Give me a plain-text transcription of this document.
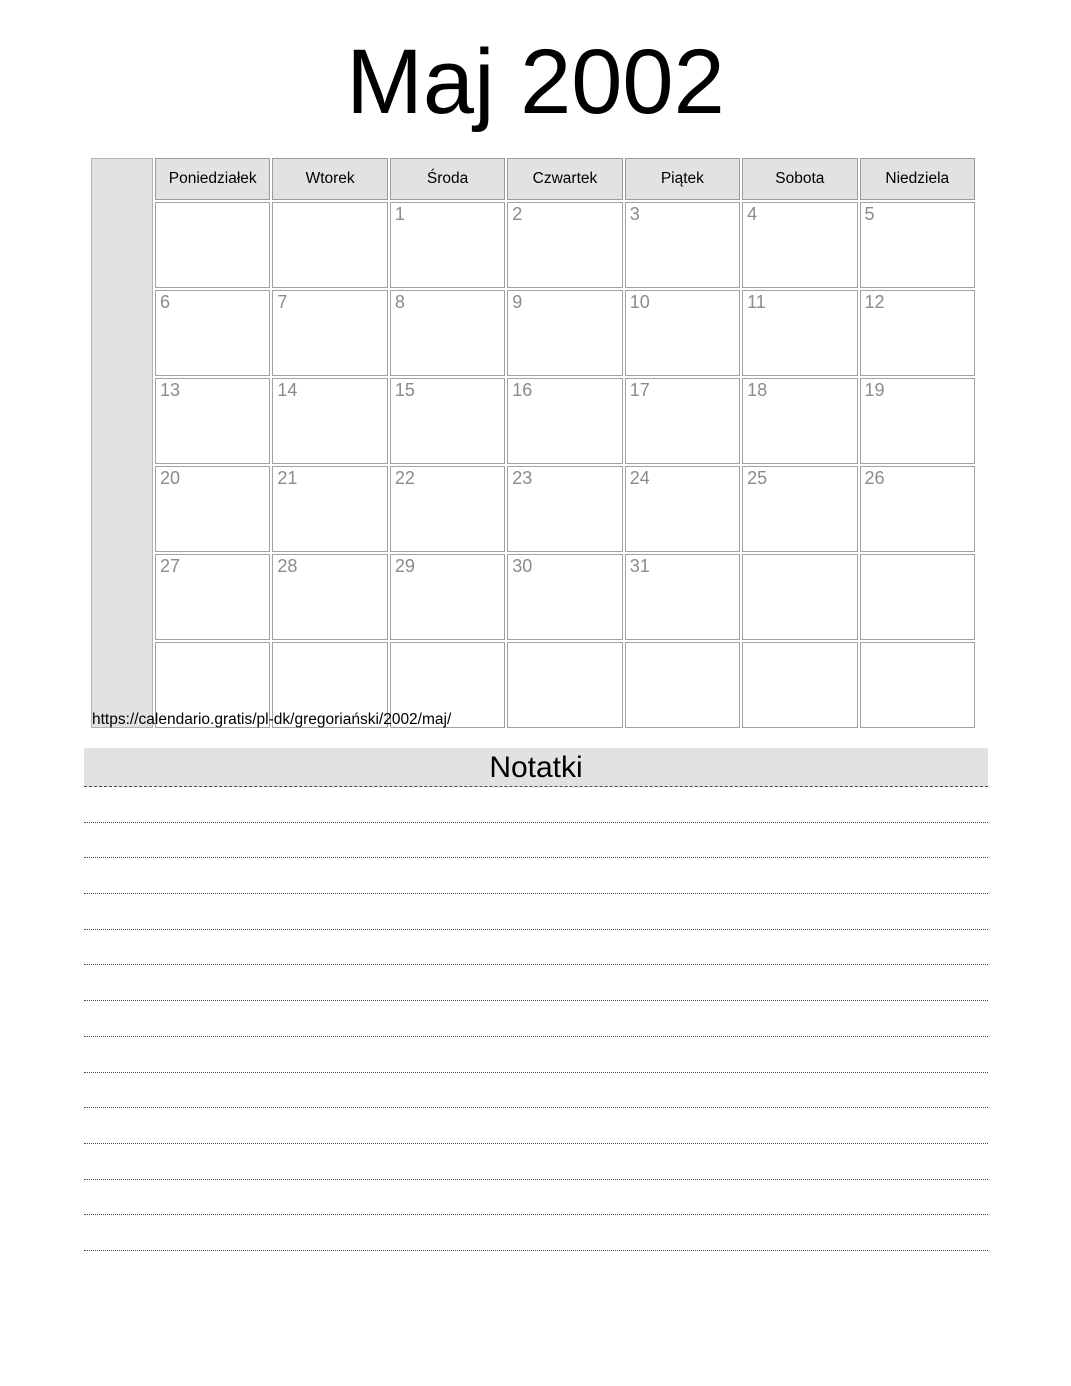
Maj 2002
	Poniedziałek	Wtorek	Środa	Czwartek	Piątek	Sobota	Niedziela
			1	2	3	4	5
	6	7	8	9	10	11	12
	13	14	15	16	17	18	19
	20	21	22	23	24	25	26
	27	28	29	30	31		

https://calendario.gratis/pl-dk/gregoriański/2002/maj/
Notatki
